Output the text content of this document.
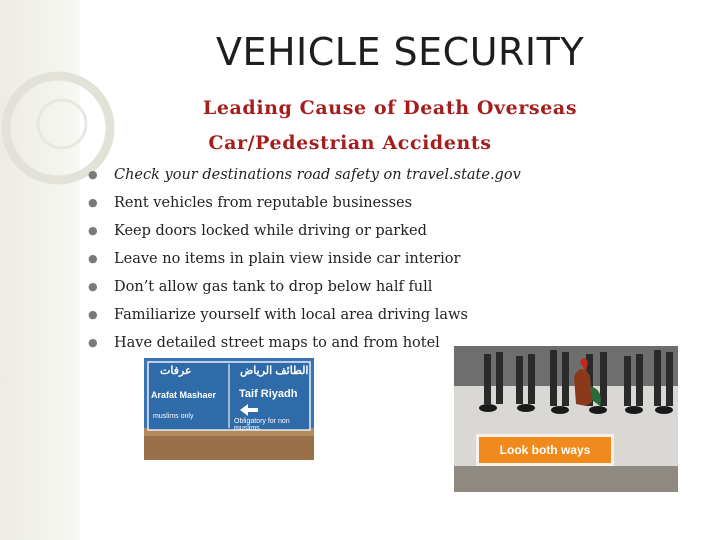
VEHICLE SECURITY
Leading Cause of Death Overseas
Car/Pedestrian Accidents
● Check your destinations road safety on travel.state.gov
● Rent vehicles from reputable businesses
● Keep doors locked while driving or parked
● Leave no items in plain view inside car interior
● Don’t allow gas tank to drop below half full
● Familiarize yourself with local area driving laws
● Have detailed street maps to and from hotel
عرفات	الطائف الرياض
Arafat Mashaer Taif Riyadh
muslims only
Obligatory for non muslims
Look both ways
